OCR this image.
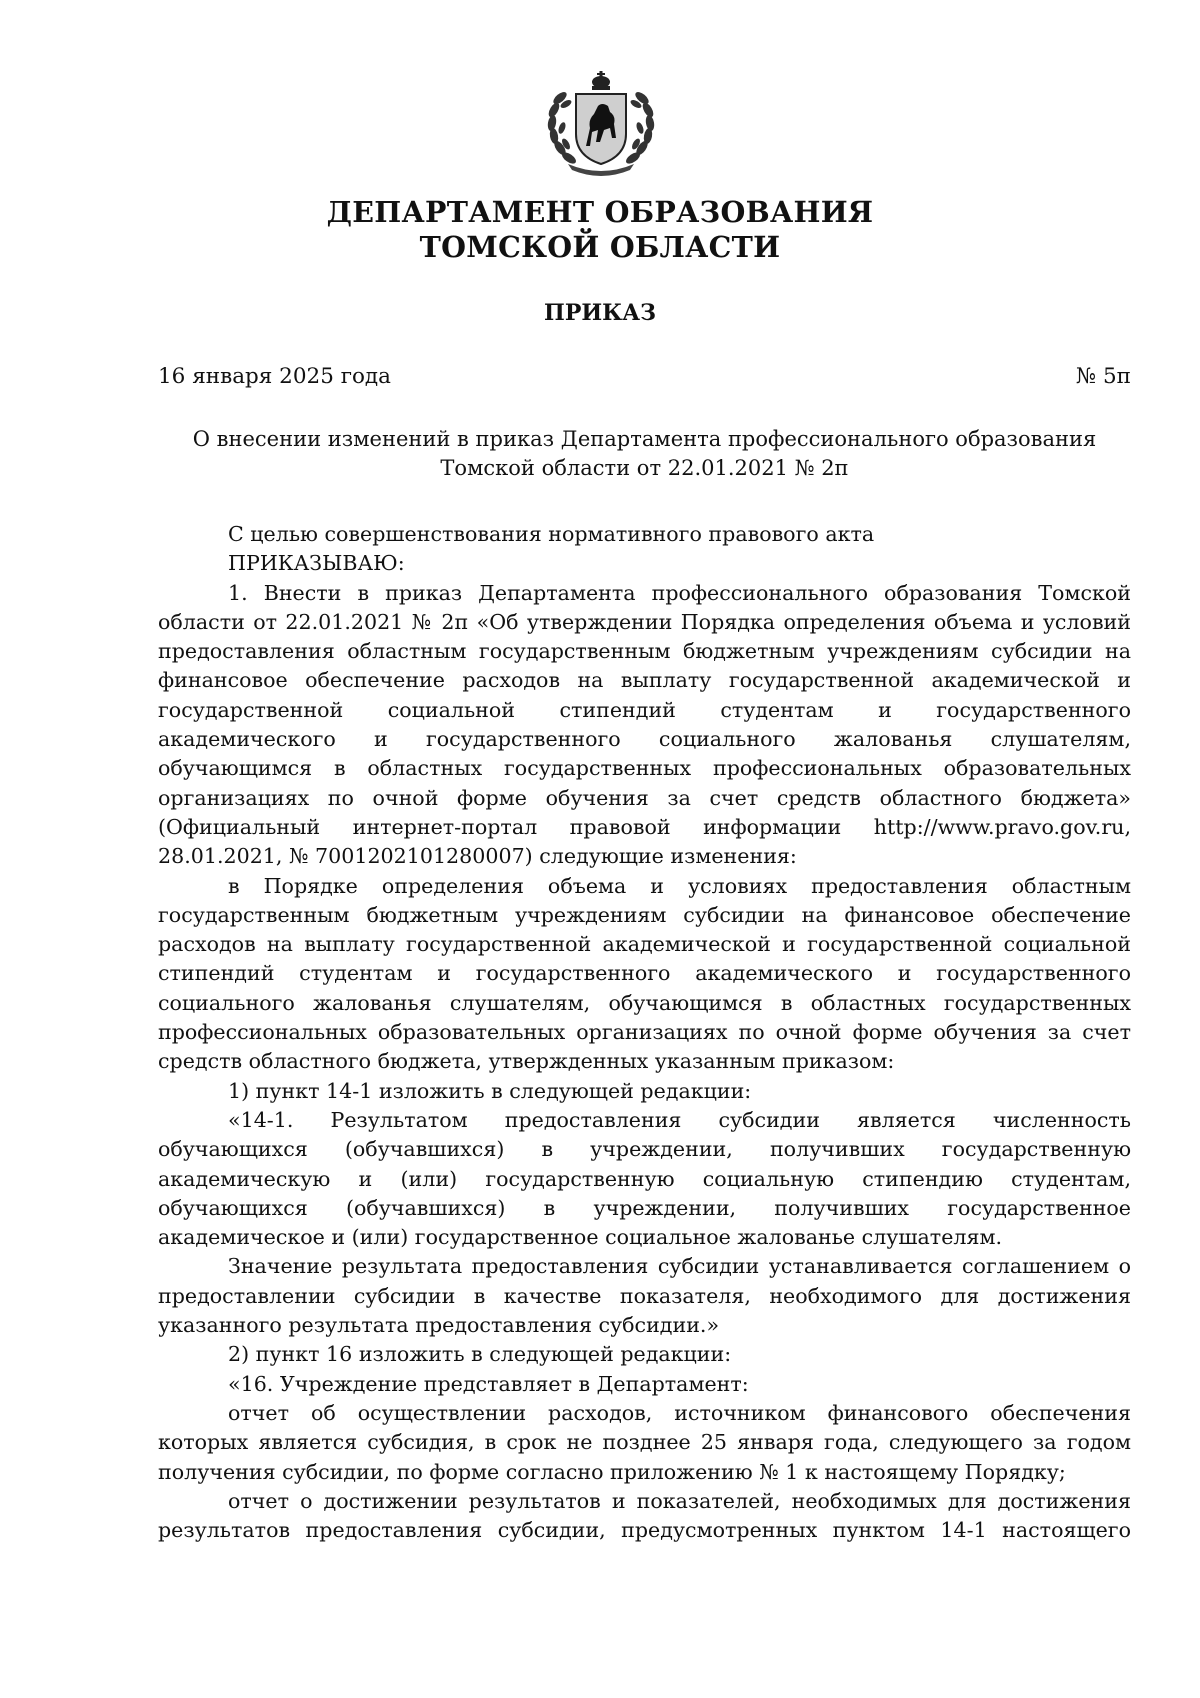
ДЕПАРТАМЕНТ ОБРАЗОВАНИЯ
ТОМСКОЙ ОБЛАСТИ
ПРИКАЗ
16 января 2025 года	№ 5п
О внесении изменений в приказ Департамента профессионального образования
Томской области от 22.01.2021 № 2п
С целью совершенствования нормативного правового акта
ПРИКАЗЫВАЮ:
1. Внести в приказ Департамента профессионального образования Томской
области от 22.01.2021 № 2п «Об утверждении Порядка определения объема и условий
предоставления областным государственным бюджетным учреждениям субсидии на
финансовое обеспечение расходов на выплату государственной академической и
государственной социальной стипендий студентам и государственного
академического и государственного социального жалованья слушателям,
обучающимся в областных государственных профессиональных образовательных
организациях по очной форме обучения за счет средств областного бюджета»
(Официальный интернет-портал правовой информации http://www.pravo.gov.ru,
28.01.2021, № 7001202101280007) следующие изменения:
в Порядке определения объема и условиях предоставления областным
государственным бюджетным учреждениям субсидии на финансовое обеспечение
расходов на выплату государственной академической и государственной социальной
стипендий студентам и государственного академического и государственного
социального жалованья слушателям, обучающимся в областных государственных
профессиональных образовательных организациях по очной форме обучения за счет
средств областного бюджета, утвержденных указанным приказом:
1) пункт 14-1 изложить в следующей редакции:
«14-1. Результатом предоставления субсидии является численность
обучающихся (обучавшихся) в учреждении, получивших государственную
академическую и (или) государственную социальную стипендию студентам,
обучающихся (обучавшихся) в учреждении, получивших государственное
академическое и (или) государственное социальное жалованье слушателям.
Значение результата предоставления субсидии устанавливается соглашением о
предоставлении субсидии в качестве показателя, необходимого для достижения
указанного результата предоставления субсидии.»
2) пункт 16 изложить в следующей редакции:
«16. Учреждение представляет в Департамент:
отчет об осуществлении расходов, источником финансового обеспечения
которых является субсидия, в срок не позднее 25 января года, следующего за годом
получения субсидии, по форме согласно приложению № 1 к настоящему Порядку;
отчет о достижении результатов и показателей, необходимых для достижения
результатов предоставления субсидии, предусмотренных пунктом 14-1 настоящего
